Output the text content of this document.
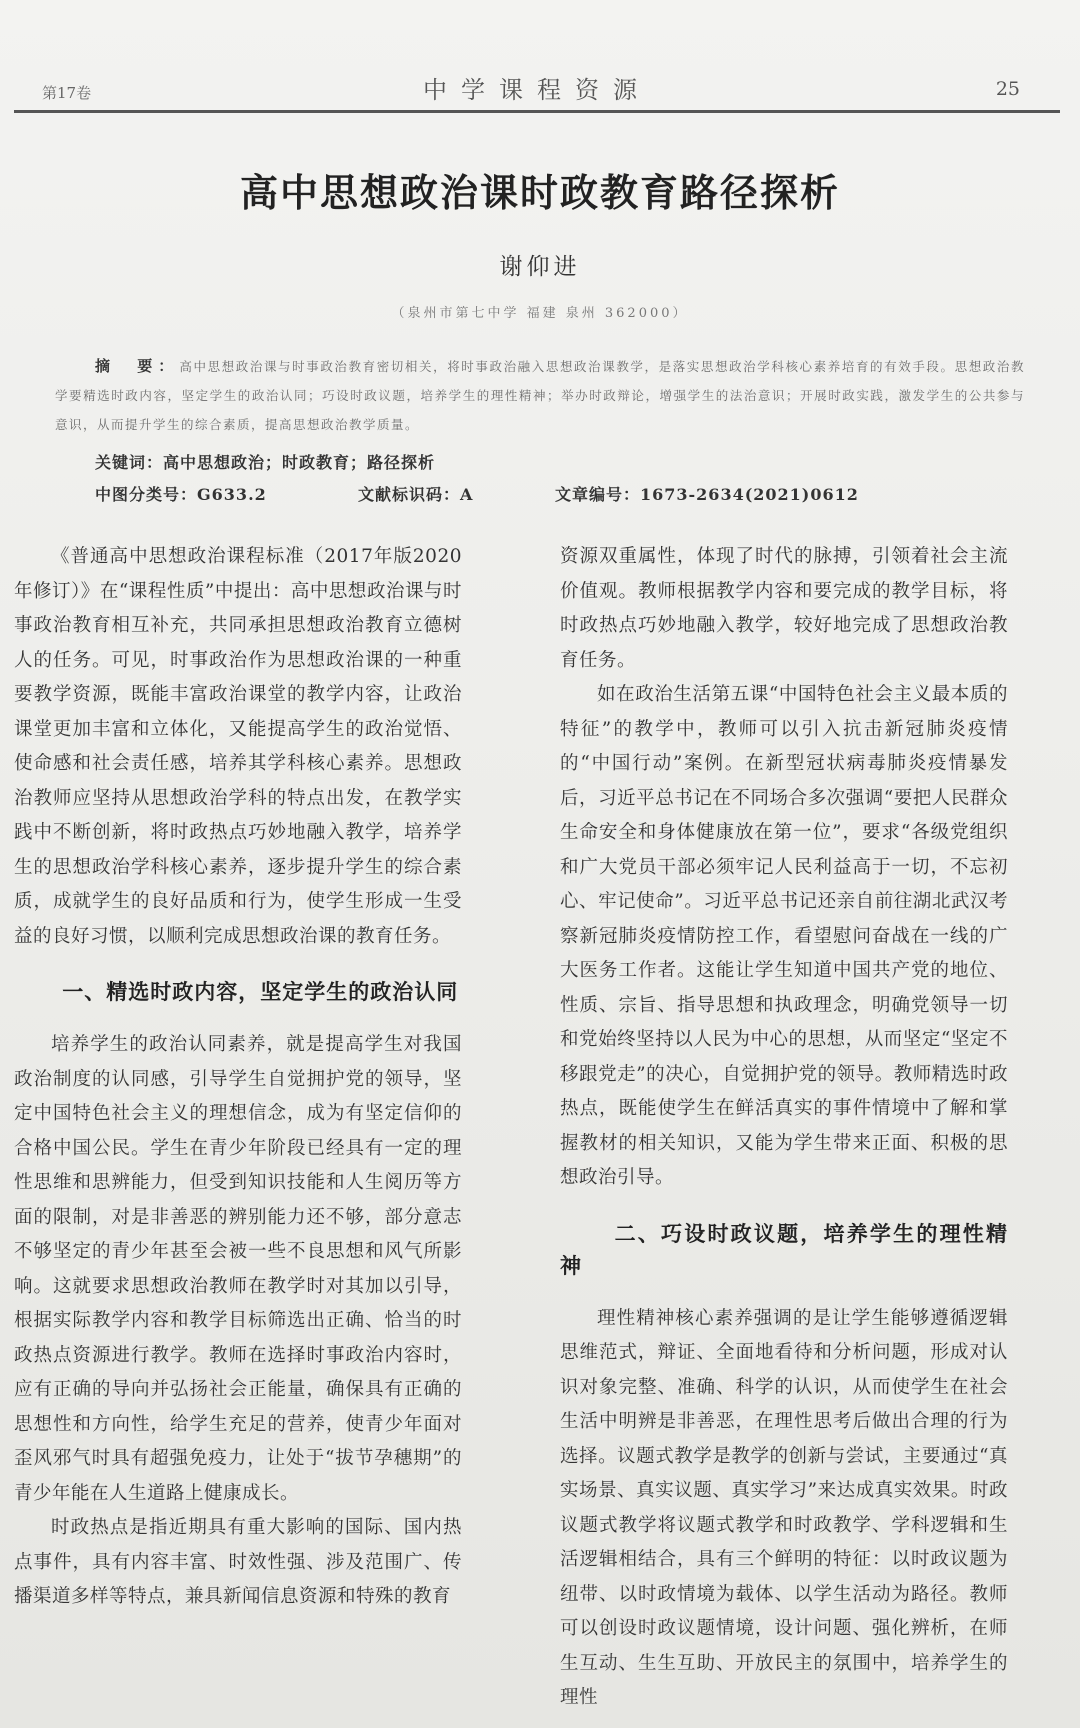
第17卷	中学课程资源	25
高中思想政治课时政教育路径探析
谢仰进
（泉州市第七中学 福建 泉州 362000）
摘　要：高中思想政治课与时事政治教育密切相关，将时事政治融入思想政治课教学，是落实思想政治学科核心素养培育的有效手段。思想政治教学要精选时政内容，坚定学生的政治认同；巧设时政议题，培养学生的理性精神；举办时政辩论，增强学生的法治意识；开展时政实践，激发学生的公共参与意识，从而提升学生的综合素质，提高思想政治教学质量。
关键词：高中思想政治；时政教育；路径探析
中图分类号：G633.2	文献标识码：A	文章编号：1673-2634(2021)0612

《普通高中思想政治课程标准（2017年版2020年修订）》在“课程性质”中提出：高中思想政治课与时事政治教育相互补充，共同承担思想政治教育立德树人的任务。可见，时事政治作为思想政治课的一种重要教学资源，既能丰富政治课堂的教学内容，让政治课堂更加丰富和立体化，又能提高学生的政治觉悟、使命感和社会责任感，培养其学科核心素养。思想政治教师应坚持从思想政治学科的特点出发，在教学实践中不断创新，将时政热点巧妙地融入教学，培养学生的思想政治学科核心素养，逐步提升学生的综合素质，成就学生的良好品质和行为，使学生形成一生受益的良好习惯，以顺利完成思想政治课的教育任务。

一、精选时政内容，坚定学生的政治认同

培养学生的政治认同素养，就是提高学生对我国政治制度的认同感，引导学生自觉拥护党的领导，坚定中国特色社会主义的理想信念，成为有坚定信仰的合格中国公民。学生在青少年阶段已经具有一定的理性思维和思辨能力，但受到知识技能和人生阅历等方面的限制，对是非善恶的辨别能力还不够，部分意志不够坚定的青少年甚至会被一些不良思想和风气所影响。这就要求思想政治教师在教学时对其加以引导，根据实际教学内容和教学目标筛选出正确、恰当的时政热点资源进行教学。教师在选择时事政治内容时，应有正确的导向并弘扬社会正能量，确保具有正确的思想性和方向性，给学生充足的营养，使青少年面对歪风邪气时具有超强免疫力，让处于“拔节孕穗期”的青少年能在人生道路上健康成长。

时政热点是指近期具有重大影响的国际、国内热点事件，具有内容丰富、时效性强、涉及范围广、传播渠道多样等特点，兼具新闻信息资源和特殊的教育

资源双重属性，体现了时代的脉搏，引领着社会主流价值观。教师根据教学内容和要完成的教学目标，将时政热点巧妙地融入教学，较好地完成了思想政治教育任务。

如在政治生活第五课“中国特色社会主义最本质的特征”的教学中，教师可以引入抗击新冠肺炎疫情的“中国行动”案例。在新型冠状病毒肺炎疫情暴发后，习近平总书记在不同场合多次强调“要把人民群众生命安全和身体健康放在第一位”，要求“各级党组织和广大党员干部必须牢记人民利益高于一切，不忘初心、牢记使命”。习近平总书记还亲自前往湖北武汉考察新冠肺炎疫情防控工作，看望慰问奋战在一线的广大医务工作者。这能让学生知道中国共产党的地位、性质、宗旨、指导思想和执政理念，明确党领导一切和党始终坚持以人民为中心的思想，从而坚定“坚定不移跟党走”的决心，自觉拥护党的领导。教师精选时政热点，既能使学生在鲜活真实的事件情境中了解和掌握教材的相关知识，又能为学生带来正面、积极的思想政治引导。

二、巧设时政议题，培养学生的理性精神

理性精神核心素养强调的是让学生能够遵循逻辑思维范式，辩证、全面地看待和分析问题，形成对认识对象完整、准确、科学的认识，从而使学生在社会生活中明辨是非善恶，在理性思考后做出合理的行为选择。议题式教学是教学的创新与尝试，主要通过“真实场景、真实议题、真实学习”来达成真实效果。时政议题式教学将议题式教学和时政教学、学科逻辑和生活逻辑相结合，具有三个鲜明的特征：以时政议题为纽带、以时政情境为载体、以学生活动为路径。教师可以创设时政议题情境，设计问题、强化辨析，在师生互动、生生互助、开放民主的氛围中，培养学生的理性
